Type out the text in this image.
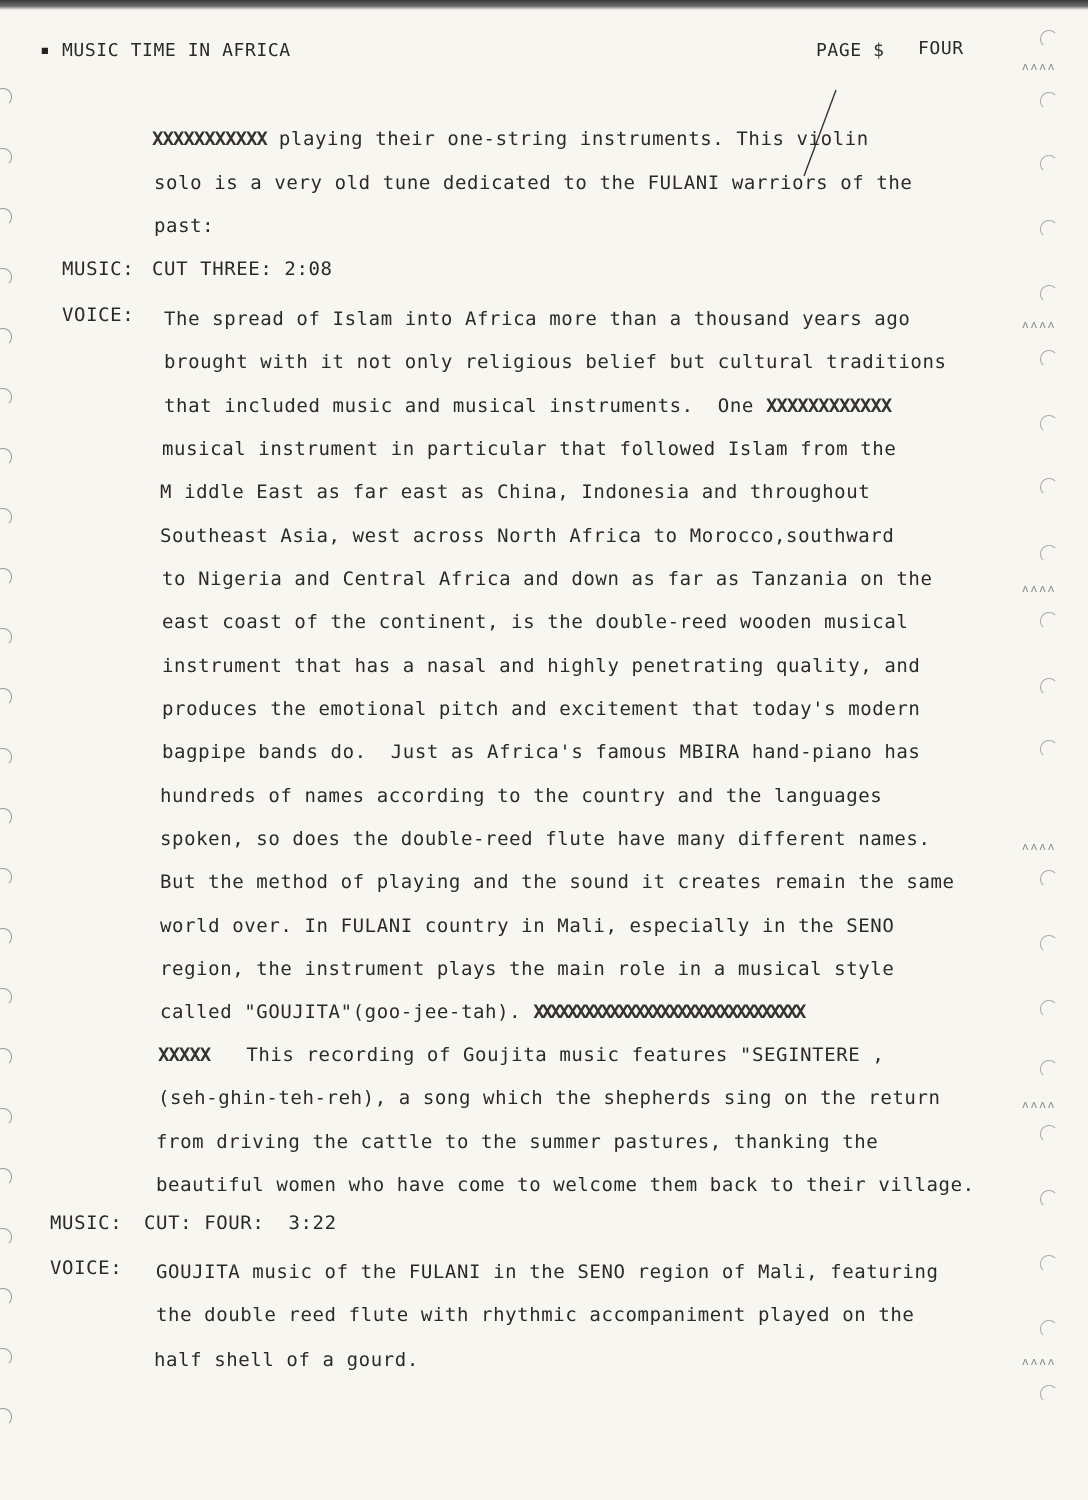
▪ MUSIC TIME IN AFRICA	PAGE $ FOUR
XXXXXXXXXXX playing their one-string instruments. This violin
solo is a very old tune dedicated to the FULANI warriors of the
past:
MUSIC: CUT THREE: 2:08
VOICE: The spread of Islam into Africa more than a thousand years ago
brought with it not only religious belief but cultural traditions
that included music and musical instruments.  One XXXXXXXXXXXX
musical instrument in particular that followed Islam from the
M iddle East as far east as China, Indonesia and throughout
Southeast Asia, west across North Africa to Morocco,southward
to Nigeria and Central Africa and down as far as Tanzania on the
east coast of the continent, is the double-reed wooden musical
instrument that has a nasal and highly penetrating quality, and
produces the emotional pitch and excitement that today's modern
bagpipe bands do.  Just as Africa's famous MBIRA hand-piano has
hundreds of names according to the country and the languages
spoken, so does the double-reed flute have many different names.
But the method of playing and the sound it creates remain the same
world over. In FULANI country in Mali, especially in the SENO
region, the instrument plays the main role in a musical style
called "GOUJITA"(goo-jee-tah). XXXXXXXXXXXXXXXXXXXXXXXXXXXXXXXX
XXXXX   This recording of Goujita music features "SEGINTERE ,
(seh-ghin-teh-reh), a song which the shepherds sing on the return
from driving the cattle to the summer pastures, thanking the
beautiful women who have come to welcome them back to their village.
MUSIC: CUT: FOUR:  3:22
VOICE: GOUJITA music of the FULANI in the SENO region of Mali, featuring
the double reed flute with rhythmic accompaniment played on the
half shell of a gourd.
ᴧᴧᴧᴧ
ᴧᴧᴧᴧ
ᴧᴧᴧᴧ
ᴧᴧᴧᴧ
ᴧᴧᴧᴧ
ᴧᴧᴧᴧ
